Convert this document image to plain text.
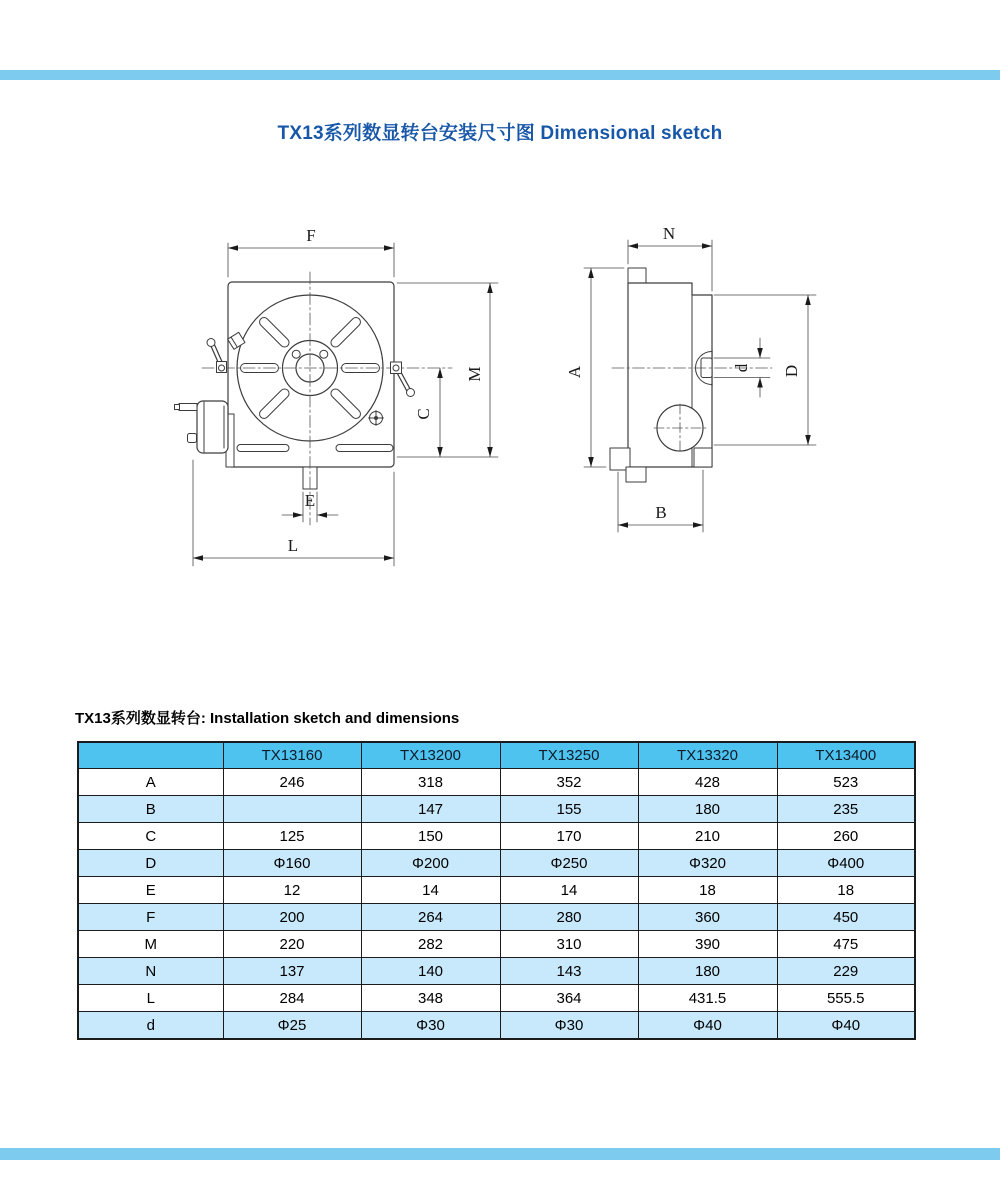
TX13系列数显转台安装尺寸图 Dimensional sketch
F
M
C
E
L
N
A	D
d
B
TX13系列数显转台: Installation sketch and dimensions
	TX13160	TX13200	TX13250	TX13320	TX13400
A	246	318	352	428	523
B		147	155	180	235
C	125	150	170	210	260
D	Φ160	Φ200	Φ250	Φ320	Φ400
E	12	14	14	18	18
F	200	264	280	360	450
M	220	282	310	390	475
N	137	140	143	180	229
L	284	348	364	431.5	555.5
d	Φ25	Φ30	Φ30	Φ40	Φ40
